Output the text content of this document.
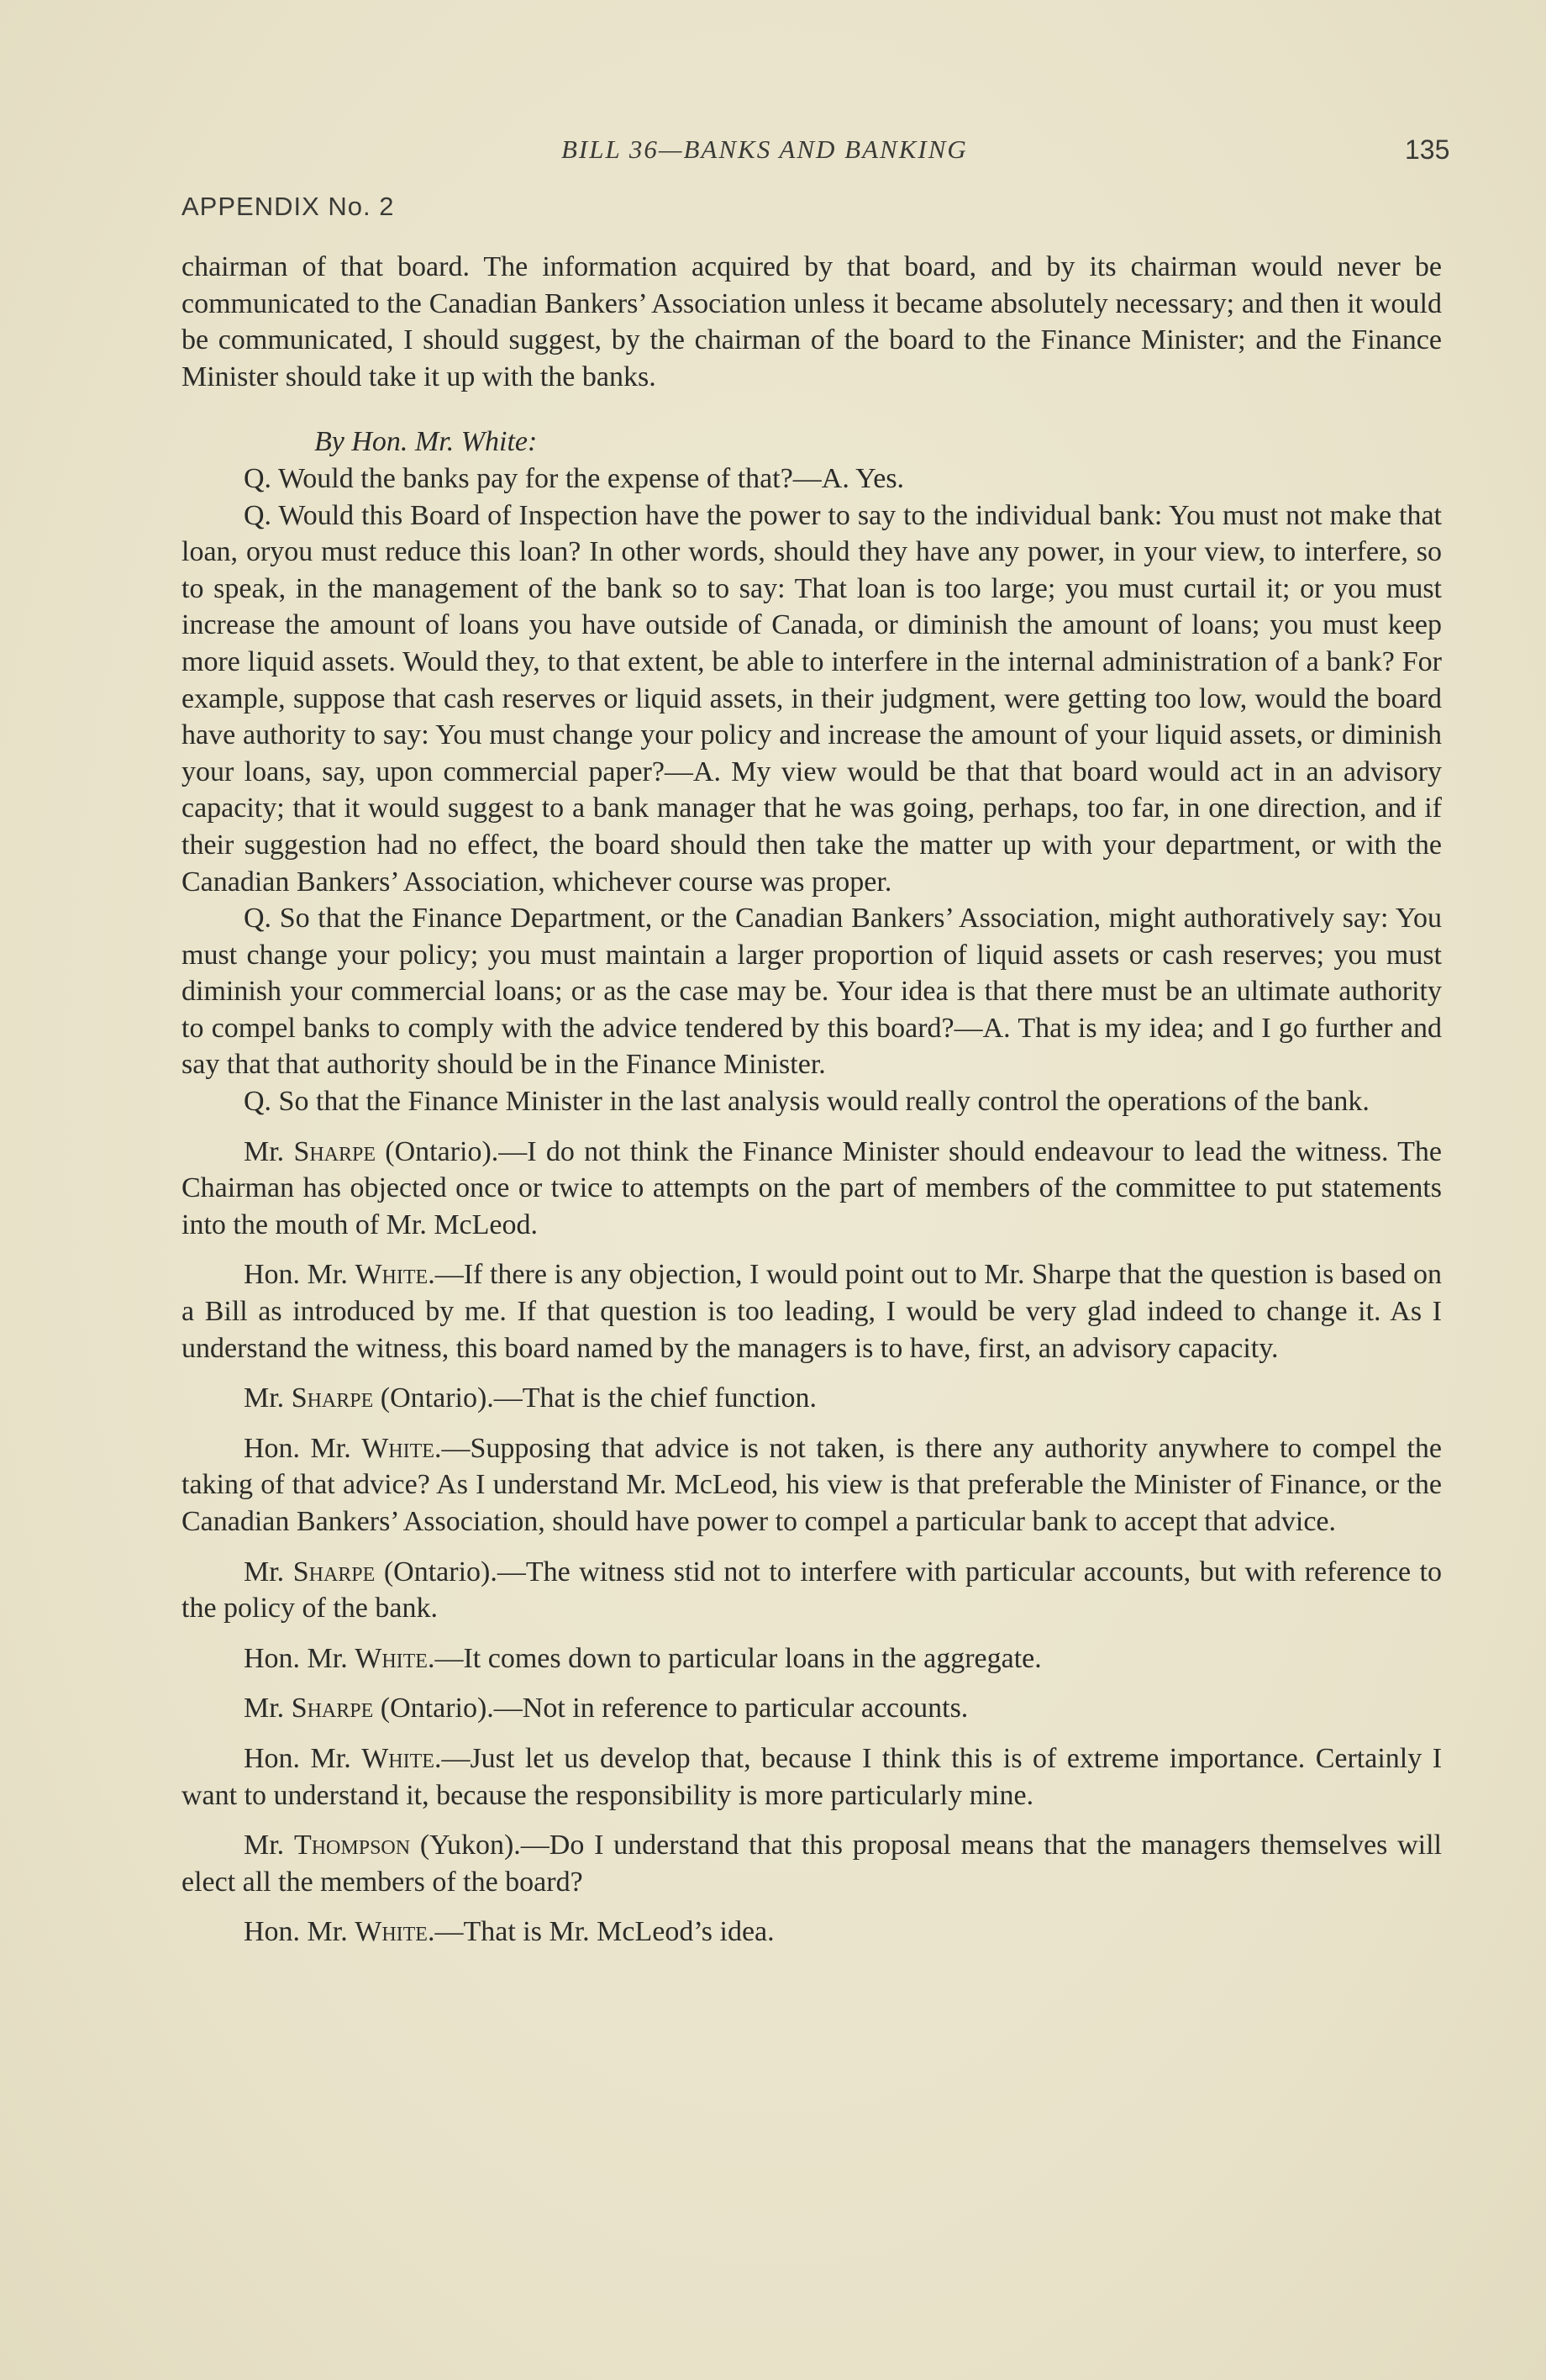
BILL 36—BANKS AND BANKING	135
APPENDIX No. 2

chairman of that board. The information acquired by that board, and by its chairman would never be communicated to the Canadian Bankers’ Association unless it became absolutely necessary; and then it would be communicated, I should suggest, by the chairman of the board to the Finance Minister; and the Finance Minister should take it up with the banks.

By Hon. Mr. White:

Q. Would the banks pay for the expense of that?—A. Yes.

Q. Would this Board of Inspection have the power to say to the individual bank: You must not make that loan, oryou must reduce this loan? In other words, should they have any power, in your view, to interfere, so to speak, in the management of the bank so to say: That loan is too large; you must curtail it; or you must increase the amount of loans you have outside of Canada, or diminish the amount of loans; you must keep more liquid assets. Would they, to that extent, be able to interfere in the internal administration of a bank? For example, suppose that cash reserves or liquid assets, in their judgment, were getting too low, would the board have authority to say: You must change your policy and increase the amount of your liquid assets, or diminish your loans, say, upon commercial paper?—A. My view would be that that board would act in an advisory capacity; that it would suggest to a bank manager that he was going, perhaps, too far, in one direction, and if their suggestion had no effect, the board should then take the matter up with your department, or with the Canadian Bankers’ Association, whichever course was proper.

Q. So that the Finance Department, or the Canadian Bankers’ Association, might authoratively say: You must change your policy; you must maintain a larger proportion of liquid assets or cash reserves; you must diminish your commercial loans; or as the case may be. Your idea is that there must be an ultimate authority to compel banks to comply with the advice tendered by this board?—A. That is my idea; and I go further and say that that authority should be in the Finance Minister.

Q. So that the Finance Minister in the last analysis would really control the operations of the bank.

Mr. Sharpe (Ontario).—I do not think the Finance Minister should endeavour to lead the witness. The Chairman has objected once or twice to attempts on the part of members of the committee to put statements into the mouth of Mr. McLeod.

Hon. Mr. White.—If there is any objection, I would point out to Mr. Sharpe that the question is based on a Bill as introduced by me. If that question is too leading, I would be very glad indeed to change it. As I understand the witness, this board named by the managers is to have, first, an advisory capacity.

Mr. Sharpe (Ontario).—That is the chief function.

Hon. Mr. White.—Supposing that advice is not taken, is there any authority anywhere to compel the taking of that advice? As I understand Mr. McLeod, his view is that preferable the Minister of Finance, or the Canadian Bankers’ Association, should have power to compel a particular bank to accept that advice.

Mr. Sharpe (Ontario).—The witness stid not to interfere with particular accounts, but with reference to the policy of the bank.

Hon. Mr. White.—It comes down to particular loans in the aggregate.

Mr. Sharpe (Ontario).—Not in reference to particular accounts.

Hon. Mr. White.—Just let us develop that, because I think this is of extreme importance. Certainly I want to understand it, because the responsibility is more particularly mine.

Mr. Thompson (Yukon).—Do I understand that this proposal means that the managers themselves will elect all the members of the board?

Hon. Mr. White.—That is Mr. McLeod’s idea.
